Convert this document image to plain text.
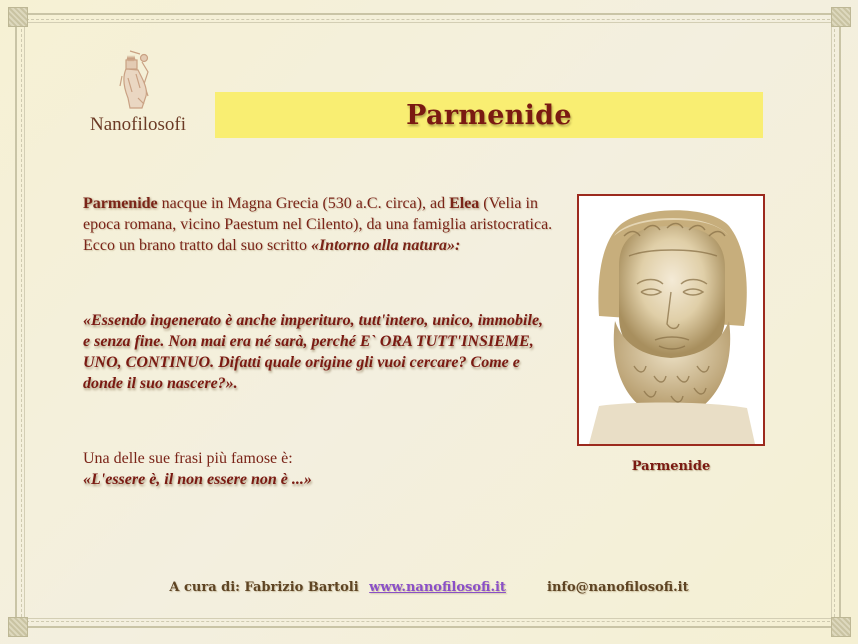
Nanofilosofi	Parmenide

Parmenide nacque in Magna Grecia (530 a.C. circa), ad Elea (Velia in epoca romana, vicino Paestum nel Cilento), da una famiglia aristocratica. Ecco un brano tratto dal suo scritto «Intorno alla natura»:

«Essendo ingenerato è anche imperituro, tutt'intero, unico, immobile, e senza fine. Non mai era né sarà, perché E` ORA TUTT'INSIEME, UNO, CONTINUO. Difatti quale origine gli vuoi cercare? Come e donde il suo nascere?».
Una delle sue frasi più famose è:
«L'essere è, il non essere non è ...»
Parmenide
A cura di: Fabrizio Bartoli www.nanofilosofi.it	info@nanofilosofi.it
